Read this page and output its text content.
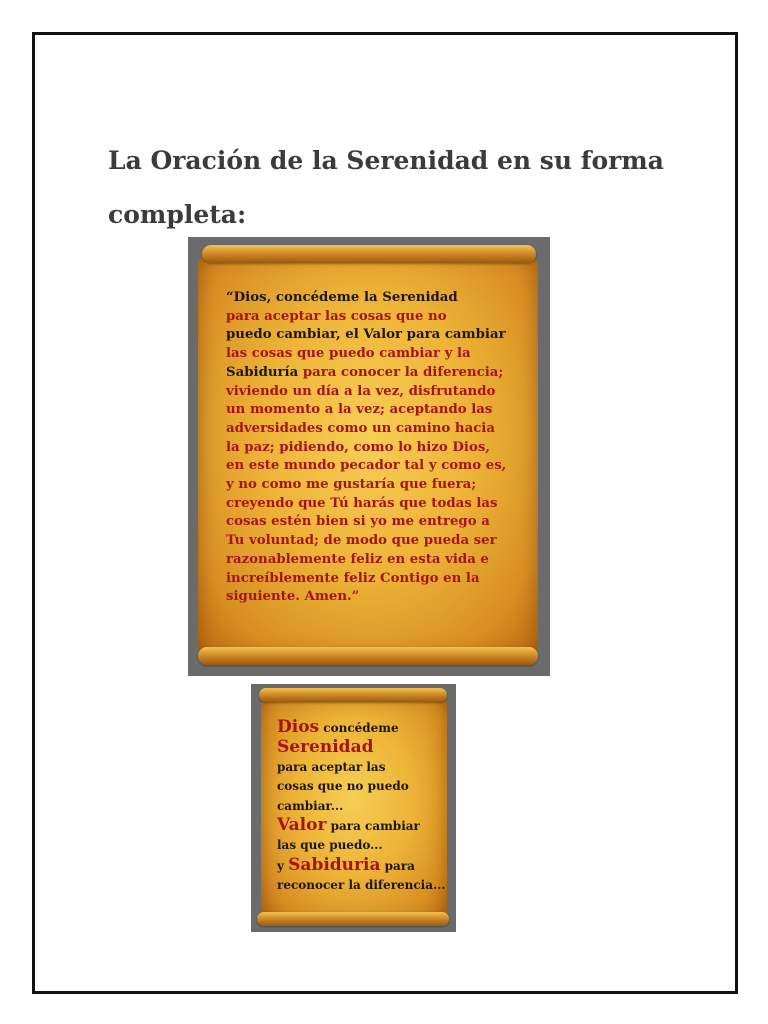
La Oración de la Serenidad en su forma
completa:

“Dios, concédeme la Serenidad
para aceptar las cosas que no
puedo cambiar, el Valor para cambiar
las cosas que puedo cambiar y la
Sabiduría para conocer la diferencia;
viviendo un día a la vez, disfrutando
un momento a la vez; aceptando las
adversidades como un camino hacia
la paz; pidiendo, como lo hizo Dios,
en este mundo pecador tal y como es,
y no como me gustaría que fuera;
creyendo que Tú harás que todas las
cosas estén bien si yo me entrego a
Tu voluntad; de modo que pueda ser
razonablemente feliz en esta vida e
increíblemente feliz Contigo en la
siguiente. Amen.”

Dios concédeme
Serenidad
para aceptar las
cosas que no puedo
cambiar...
Valor para cambiar
las que puedo...
y Sabiduria para
reconocer la diferencia...
